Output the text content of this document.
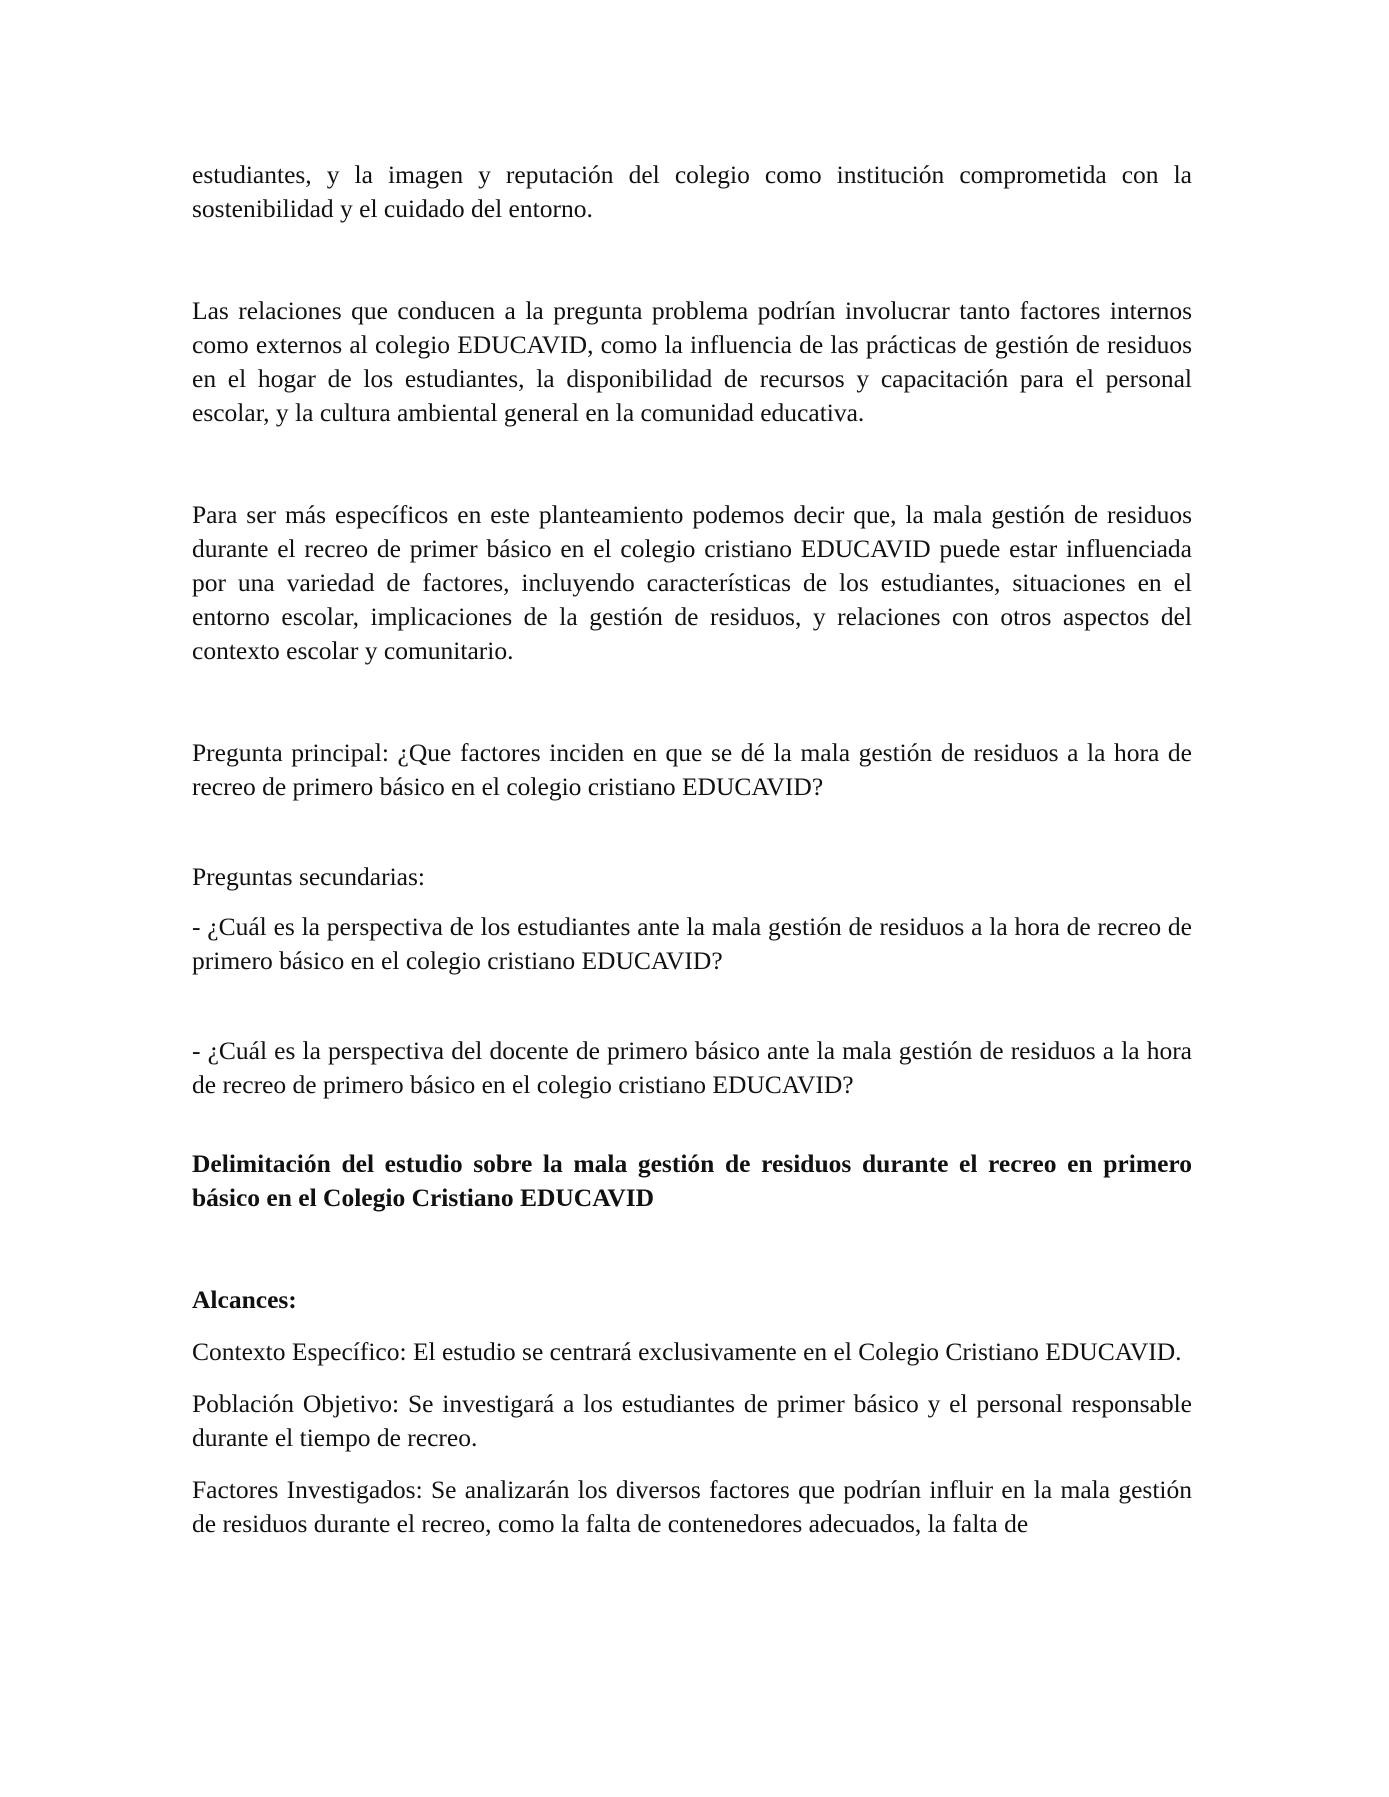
estudiantes, y la imagen y reputación del colegio como institución comprometida con la sostenibilidad y el cuidado del entorno.

Las relaciones que conducen a la pregunta problema podrían involucrar tanto factores internos como externos al colegio EDUCAVID, como la influencia de las prácticas de gestión de residuos en el hogar de los estudiantes, la disponibilidad de recursos y capacitación para el personal escolar, y la cultura ambiental general en la comunidad educativa.

Para ser más específicos en este planteamiento podemos decir que, la mala gestión de residuos durante el recreo de primer básico en el colegio cristiano EDUCAVID puede estar influenciada por una variedad de factores, incluyendo características de los estudiantes, situaciones en el entorno escolar, implicaciones de la gestión de residuos, y relaciones con otros aspectos del contexto escolar y comunitario.

Pregunta principal: ¿Que factores inciden en que se dé la mala gestión de residuos a la hora de recreo de primero básico en el colegio cristiano EDUCAVID?

Preguntas secundarias:

- ¿Cuál es la perspectiva de los estudiantes ante la mala gestión de residuos a la hora de recreo de primero básico en el colegio cristiano EDUCAVID?

- ¿Cuál es la perspectiva del docente de primero básico ante la mala gestión de residuos a la hora de recreo de primero básico en el colegio cristiano EDUCAVID?

Delimitación del estudio sobre la mala gestión de residuos durante el recreo en primero básico en el Colegio Cristiano EDUCAVID

Alcances:

Contexto Específico: El estudio se centrará exclusivamente en el Colegio Cristiano EDUCAVID.

Población Objetivo: Se investigará a los estudiantes de primer básico y el personal responsable durante el tiempo de recreo.

Factores Investigados: Se analizarán los diversos factores que podrían influir en la mala gestión de residuos durante el recreo, como la falta de contenedores adecuados, la falta de
